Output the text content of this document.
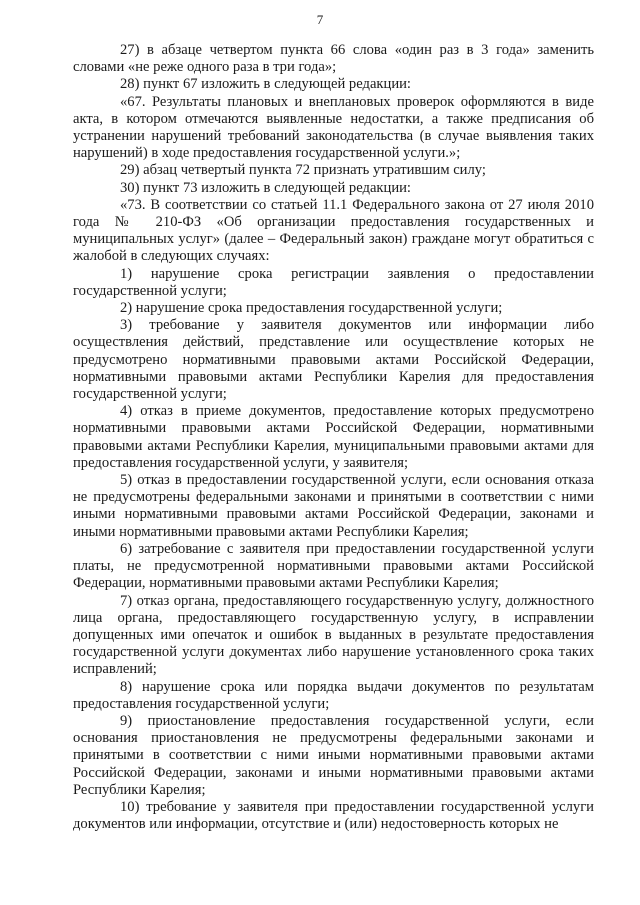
7

27) в абзаце четвертом пункта 66 слова «один раз в 3 года» заменить словами «не реже одного раза в три года»;

28) пункт 67 изложить в следующей редакции:

«67. Результаты плановых и внеплановых проверок оформляются в виде акта, в котором отмечаются выявленные недостатки, а также предписания об устранении нарушений требований законодательства (в случае выявления таких нарушений) в ходе предоставления государственной услуги.»;

29) абзац четвертый пункта 72 признать утратившим силу;

30) пункт 73 изложить в следующей редакции:

«73. В соответствии со статьей 11.1 Федерального закона от 27 июля 2010 года № 210-ФЗ «Об организации предоставления государственных и муниципальных услуг» (далее – Федеральный закон) граждане могут обратиться с жалобой в следующих случаях:

1) нарушение срока регистрации заявления о предоставлении государственной услуги;

2) нарушение срока предоставления государственной услуги;

3) требование у заявителя документов или информации либо осуществления действий, представление или осуществление которых не предусмотрено нормативными правовыми актами Российской Федерации, нормативными правовыми актами Республики Карелия для предоставления государственной услуги;

4) отказ в приеме документов, предоставление которых предусмотрено нормативными правовыми актами Российской Федерации, нормативными правовыми актами Республики Карелия, муниципальными правовыми актами для предоставления государственной услуги, у заявителя;

5) отказ в предоставлении государственной услуги, если основания отказа не предусмотрены федеральными законами и принятыми в соответствии с ними иными нормативными правовыми актами Российской Федерации, законами и иными нормативными правовыми актами Республики Карелия;

6) затребование с заявителя при предоставлении государственной услуги платы, не предусмотренной нормативными правовыми актами Российской Федерации, нормативными правовыми актами Республики Карелия;

7) отказ органа, предоставляющего государственную услугу, должностного лица органа, предоставляющего государственную услугу, в исправлении допущенных ими опечаток и ошибок в выданных в результате предоставления государственной услуги документах либо нарушение установленного срока таких исправлений;

8) нарушение срока или порядка выдачи документов по результатам предоставления государственной услуги;

9) приостановление предоставления государственной услуги, если основания приостановления не предусмотрены федеральными законами и принятыми в соответствии с ними иными нормативными правовыми актами Российской Федерации, законами и иными нормативными правовыми актами Республики Карелия;

10) требование у заявителя при предоставлении государственной услуги документов или информации, отсутствие и (или) недостоверность которых не
